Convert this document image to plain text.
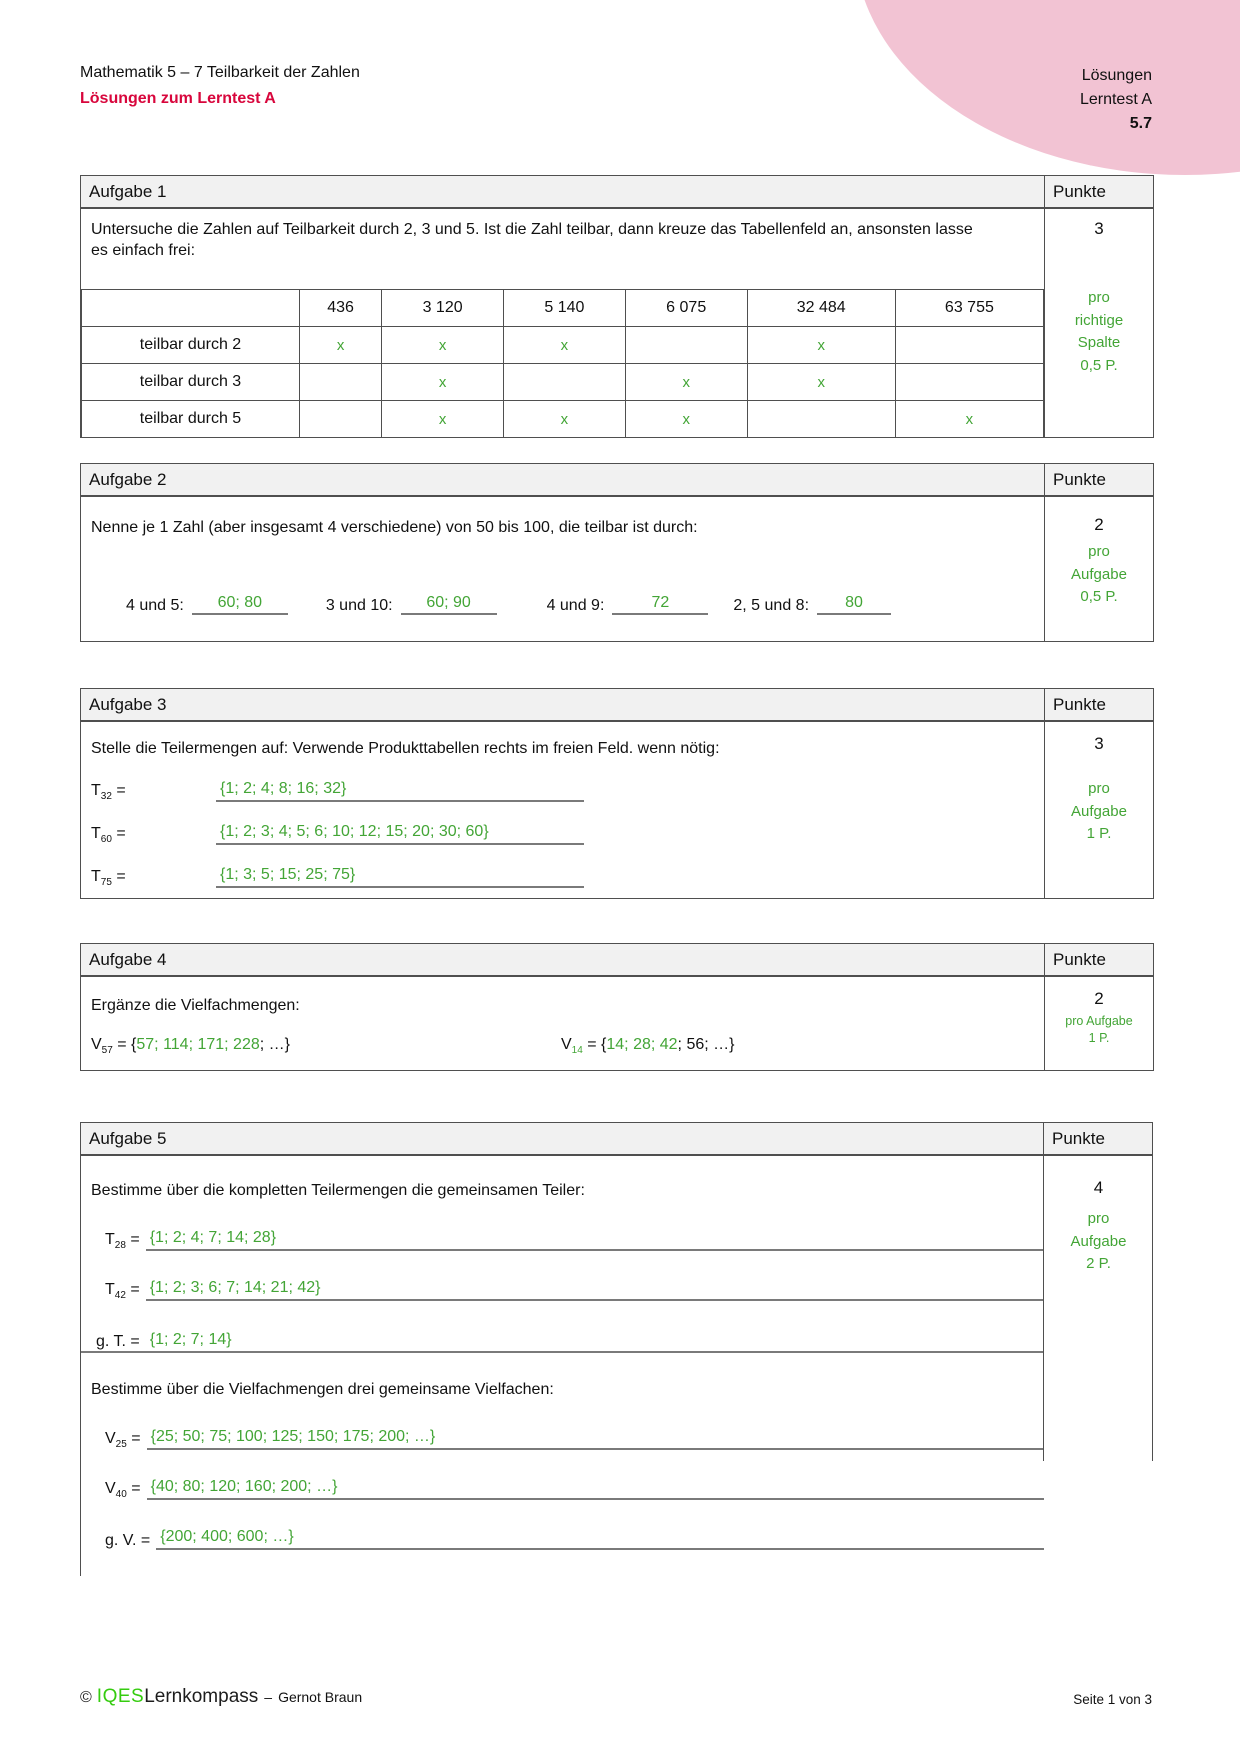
Lösungen
Lerntest A
5.7
Mathematik 5 – 7 Teilbarkeit der Zahlen
Lösungen zum Lerntest A
Aufgabe 1	Punkte
Untersuche die Zahlen auf Teilbarkeit durch 2, 3 und 5. Ist die Zahl teilbar, dann kreuze das Tabellenfeld an, ansonsten lasse es einfach frei:
	436	3 120	5 140	6 075	32 484	63 755
teilbar durch 2	x	x	x		x	
teilbar durch 3		x		x	x	
teilbar durch 5		x	x	x		x
3
pro
richtige
Spalte
0,5 P.
Aufgabe 2	Punkte
Nenne je 1 Zahl (aber insgesamt 4 verschiedene) von 50 bis 100, die teilbar ist durch:
4 und 5:	60; 80	3 und 10:	60; 90	4 und 9:	72	2, 5 und 8:	80
2
pro
Aufgabe
0,5 P.
Aufgabe 3	Punkte
Stelle die Teilermengen auf: Verwende Produkttabellen rechts im freien Feld. wenn nötig:
$T_{32}$ =	{1; 2; 4; 8; 16; 32}
$T_{60}$ =	{1; 2; 3; 4; 5; 6; 10; 12; 15; 20; 30; 60}
$T_{75}$ =	{1; 3; 5; 15; 25; 75}
3
pro
Aufgabe
1 P.
Aufgabe 4	Punkte
Ergänze die Vielfachmengen:
$V_{57} = \{57$; 114; 171; 228; …}	$V_{14} = \{14$; 28; 42; 56; …}
2
pro Aufgabe
1 P.
Aufgabe 5	Punkte
Bestimme über die kompletten Teilermengen die gemeinsamen Teiler:
$T_{28} = \{1$; 2; 4; 7; 14; 28}
$T_{42} = \{1$; 2; 3; 6; 7; 14; 21; 42}
g. T. = {1; 2; 7; 14}
Bestimme über die Vielfachmengen drei gemeinsame Vielfachen:
$V_{25} = \{25$; 50; 75; 100; 125; 150; 175; 200; …}
$V_{40} = \{40$; 80; 120; 160; 200; …}
g. V. = {200; 400; 600; …}
4
pro
Aufgabe
2 P.
© IQES Lernkompass – Gernot Braun	Seite 1 von 3
